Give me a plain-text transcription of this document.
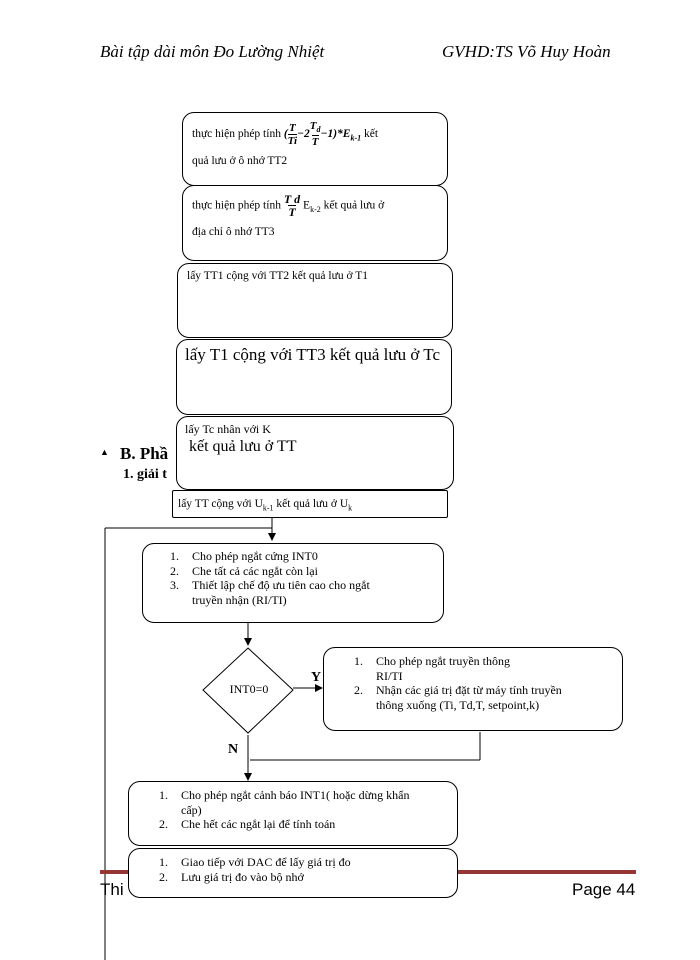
Bài tập dài môn Đo Lường Nhiệt	GVHD:TS Võ Huy Hoàn
thực hiện phép tính ( $\frac{T}{Ti} -2 \frac{T_d}{T} -1)*E_{k-1}$ kết
quả lưu ở ô nhớ TT2
thực hiện phép tính $\frac{\text{T d}}{T} E_{k-2}$ kết quả lưu ở
địa chỉ ô nhớ TT3
lấy TT1 cộng với TT2 kết quả lưu ở T1
lấy T1 cộng với TT3 kết quả lưu ở Tc
▲ B. Phầ
1. giải t
lấy Tc nhân với K
kết quả lưu ở TT
lấy TT cộng với $U_{k-1}$ kết quả lưu ở $U_k$
1. Cho phép ngắt cứng INT0
2. Che tất cả các ngắt còn lại
3. Thiết lập chế độ ưu tiên cao cho ngắt
truyền nhận (RI/TI)
INT0=0
Y
N
1. Cho phép ngắt truyền thông
RI/TI
2. Nhận các giá trị đặt từ máy tính truyền
thông xuống (Ti, Td,T, setpoint,k)
1. Cho phép ngắt cảnh báo INT1( hoặc dừng khẩn
cấp)
2. Che hết các ngắt lại để tính toán
1. Giao tiếp với DAC để lấy giá trị đo
2. Lưu giá trị đo vào bộ nhớ
Thi	Page 44
